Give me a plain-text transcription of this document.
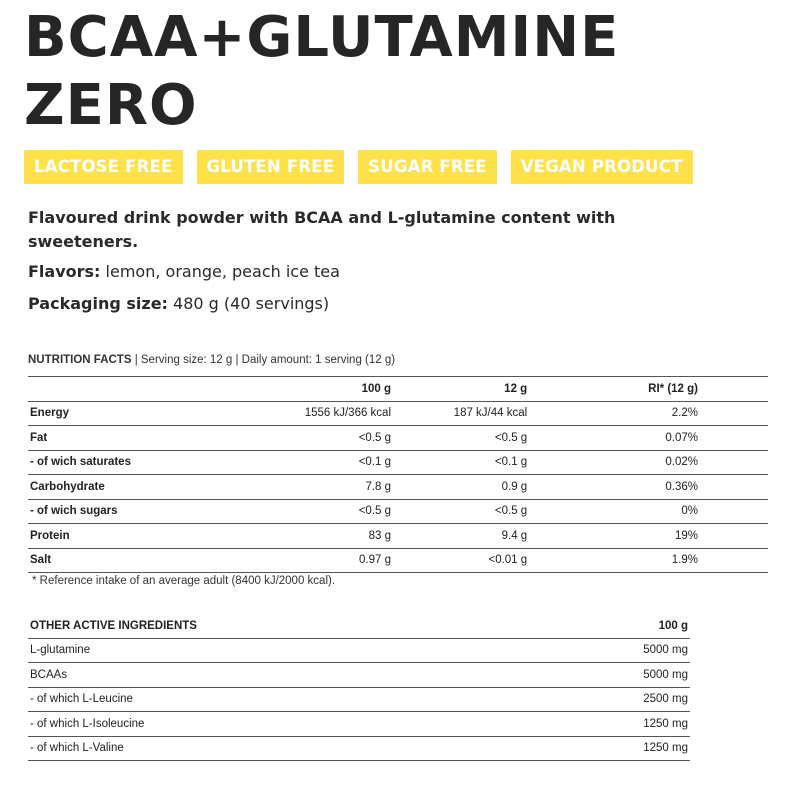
BCAA+GLUTAMINE
ZERO
LACTOSE FREE	GLUTEN FREE	SUGAR FREE	VEGAN PRODUCT

Flavoured drink powder with BCAA and L-glutamine content with sweeteners.

Flavors: lemon, orange, peach ice tea
Packaging size: 480 g (40 servings)
NUTRITION FACTS | Serving size: 12 g | Daily amount: 1 serving (12 g)
	100 g	12 g	RI* (12 g)
Energy	1556 kJ/366 kcal	187 kJ/44 kcal	2.2%
Fat	<0.5 g	<0.5 g	0.07%
- of wich saturates	<0.1 g	<0.1 g	0.02%
Carbohydrate	7.8 g	0.9 g	0.36%
- of wich sugars	<0.5 g	<0.5 g	0%
Protein	83 g	9.4 g	19%
Salt	0.97 g	<0.01 g	1.9%
* Reference intake of an average adult (8400 kJ/2000 kcal).
OTHER ACTIVE INGREDIENTS	100 g
L-glutamine	5000 mg
BCAAs	5000 mg
- of which L-Leucine	2500 mg
- of which L-Isoleucine	1250 mg
- of which L-Valine	1250 mg
